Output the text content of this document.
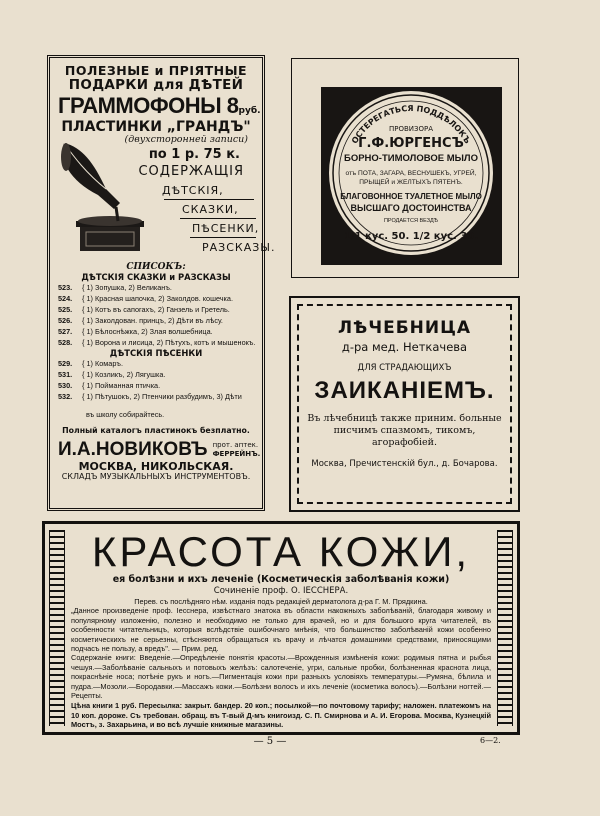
ПОЛЕЗНЫЕ и ПРІЯТНЫЕ

ПОДАРКИ для ДѢТЕЙ

ГРАММОФОНЫ 8руб.

ПЛАСТИНКИ „ГРАНДЪ"

(двухсторонней записи)

по 1 р. 75 к.

СОДЕРЖАЩІЯ

ДѢТСКІЯ,

СКАЗКИ,

ПѢСЕНКИ,

РАЗСКАЗЫ.

СПИСОКЪ:

ДѢТСКІЯ СКАЗКИ и РАЗСКАЗЫ

523. { 1) Зопушка, 2) Великанъ.

524. { 1) Красная шапочка, 2) Заколдов. кошечка.

525. { 1) Котъ въ сапогахъ, 2) Ганзель и Гретель.

526. { 1) Заколдован. принцъ, 2) Дѣти въ лѣсу.

527. { 1) Бѣлоснѣжка, 2) Злая волшебница.

528. { 1) Ворона и лисица, 2) Пѣтухъ, котъ и мышенокъ.

ДѢТСКІЯ ПѢСЕНКИ

529. { 1) Комаръ.

531. { 1) Козликъ, 2) Лягушка.

530. { 1) Пойманная птичка.

532. { 1) Пѣтушокъ, 2) Птенчики разбудимъ, 3) Дѣти

въ школу собирайтесь.

Полный каталогъ пластинокъ безплатно.

И.А.НОВИКОВЪ прот. аптек.
ФЕРРЕЙНЪ.

МОСКВА, НИКОЛЬСКАЯ.

СКЛАДЪ МУЗЫКАЛЬНЫХЪ ИНСТРУМЕНТОВЪ.

ОСТЕРЕГАТЬСЯ ПОДДѢЛОКЪ
ПРОВИЗОРА
Г.Ф.ЮРГЕНСЪ
БОРНО-ТИМОЛОВОЕ МЫЛО
отъ ПОТА, ЗАГАРА, ВЕСНУШЕКЪ, УГРЕЙ,
ПРЫЩЕЙ и ЖЕЛТЫХЪ ПЯТЕНЪ.
БЛАГОВОННОЕ ТУАЛЕТНОЕ МЫЛО
ВЫСШАГО ДОСТОИНСТВА
ПРОДАЕТСЯ ВЕЗДѢ
1/1 кус. 50. 1/2 кус. 30.

ЛѢЧЕБНИЦА

д-ра мед. Неткачева

ДЛЯ СТРАДАЮЩИХЪ

ЗАИКАНІЕМЪ.

Въ лѣчебницѣ также приним. больные писчимъ спазмомъ, тикомъ, агорафобіей.

Москва, Пречистенскій бул., д. Бочарова.

КРАСОТА КОЖИ,

ея болѣзни и ихъ леченіе (Косметическія заболѣванія кожи)

Сочиненіе проф. О. ІЕССНЕРА.

Перев. съ послѣдняго нѣм. изданія подъ редакціей дерматолога д-ра Г. М. Прядкина.

„Данное произведеніе проф. Іесснера, извѣстнаго знатока въ области накожныхъ заболѣваній, благодаря живому и популярному изложенію, полезно и необходимо не только для врачей, но и для большого круга читателей, въ особенности читательницъ, которыя вслѣдствіе ошибочнаго мнѣнія, что большинство заболѣваній кожи особенно косметическихъ не серьезны, стѣсняются обращаться къ врачу и лѣчатся домашними средствами, приносящими подчасъ не пользу, а вредъ". — Прим. ред.

Содержаніе книги: Введеніе.—Опредѣленіе понятія красоты.—Врожденныя измѣненія кожи: родимыя пятна и рыбья чешуя.—Заболѣваніе сальныхъ и потовыхъ желѣзъ: салотеченіе, угри, сальные пробки, болѣзненная краснота лица, покраснѣніе носа; потѣніе рукъ и ногъ.—Пигментація кожи при разныхъ условіяхъ температуры.—Румяна, бѣлила и пудра.—Мозоли.—Бородавки.—Массажъ кожи.—Болѣзни волосъ и ихъ леченіе (косметика волосъ).—Болѣзни ногтей.—Рецепты.

Цѣна книги 1 руб. Пересылка: закрыт. бандер. 20 коп.; посылкой—по почтовому тарифу; наложен. платежомъ на 10 коп. дороже. Съ требован. обращ. въ Т-вый Д-мъ книгоизд. С. П. Смирнова и А. И. Егорова. Москва, Кузнецкій Мостъ, з. Захарьина, и во всѣ лучшіе книжные магазины.

— 5 —	6—2.
